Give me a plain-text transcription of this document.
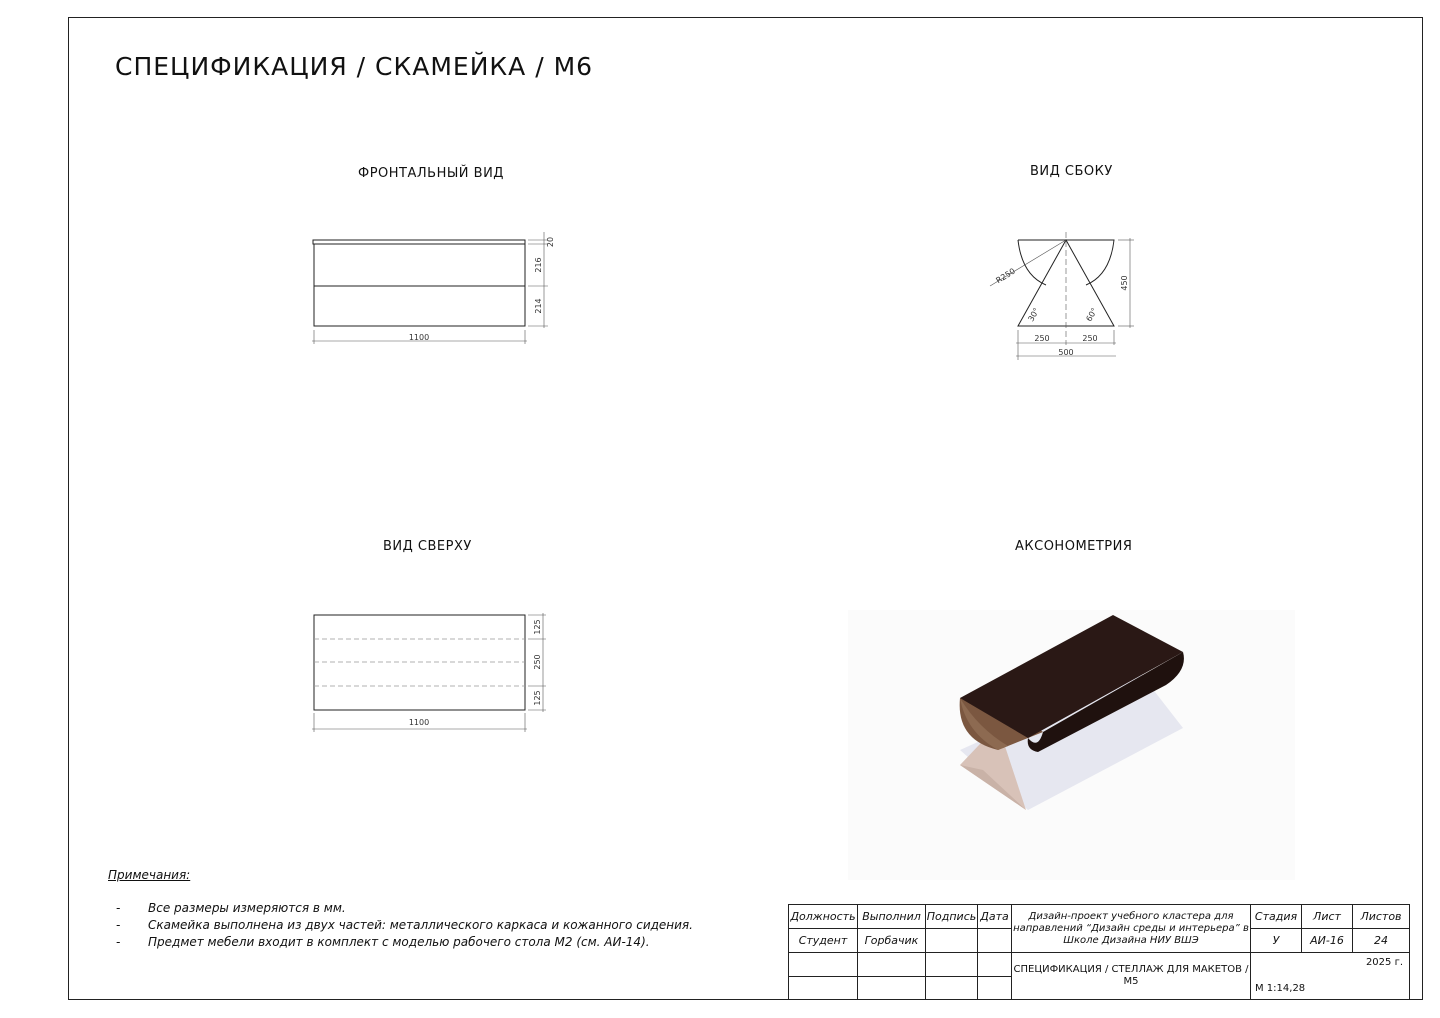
СПЕЦИФИКАЦИЯ / СКАМЕЙКА / М6
ФРОНТАЛЬНЫЙ ВИД	ВИД СБОКУ
ВИД СВЕРХУ	АКСОНОМЕТРИЯ
1100
20
216
214
R250	450
30°	60°
250	250
500
1100
125
250
125
Примечания:
- Все размеры измеряются в мм.
- Скамейка выполнена из двух частей: металлического каркаса и кожанного сидения.
- Предмет мебели входит в комплект с моделью рабочего стола М2 (см. АИ-14).
Должность	Выполнил	Подпись	Дата	Дизайн-проект учебного кластера для направлений “Дизайн среды и интерьера” в Школе Дизайна НИУ ВШЭ	Стадия	Лист	Листов
Студент	Горбачик				У	АИ-16	24
				СПЕЦИФИКАЦИЯ / СТЕЛЛАЖ ДЛЯ МАКЕТОВ / М5	2025 г.
М 1:14,28		
